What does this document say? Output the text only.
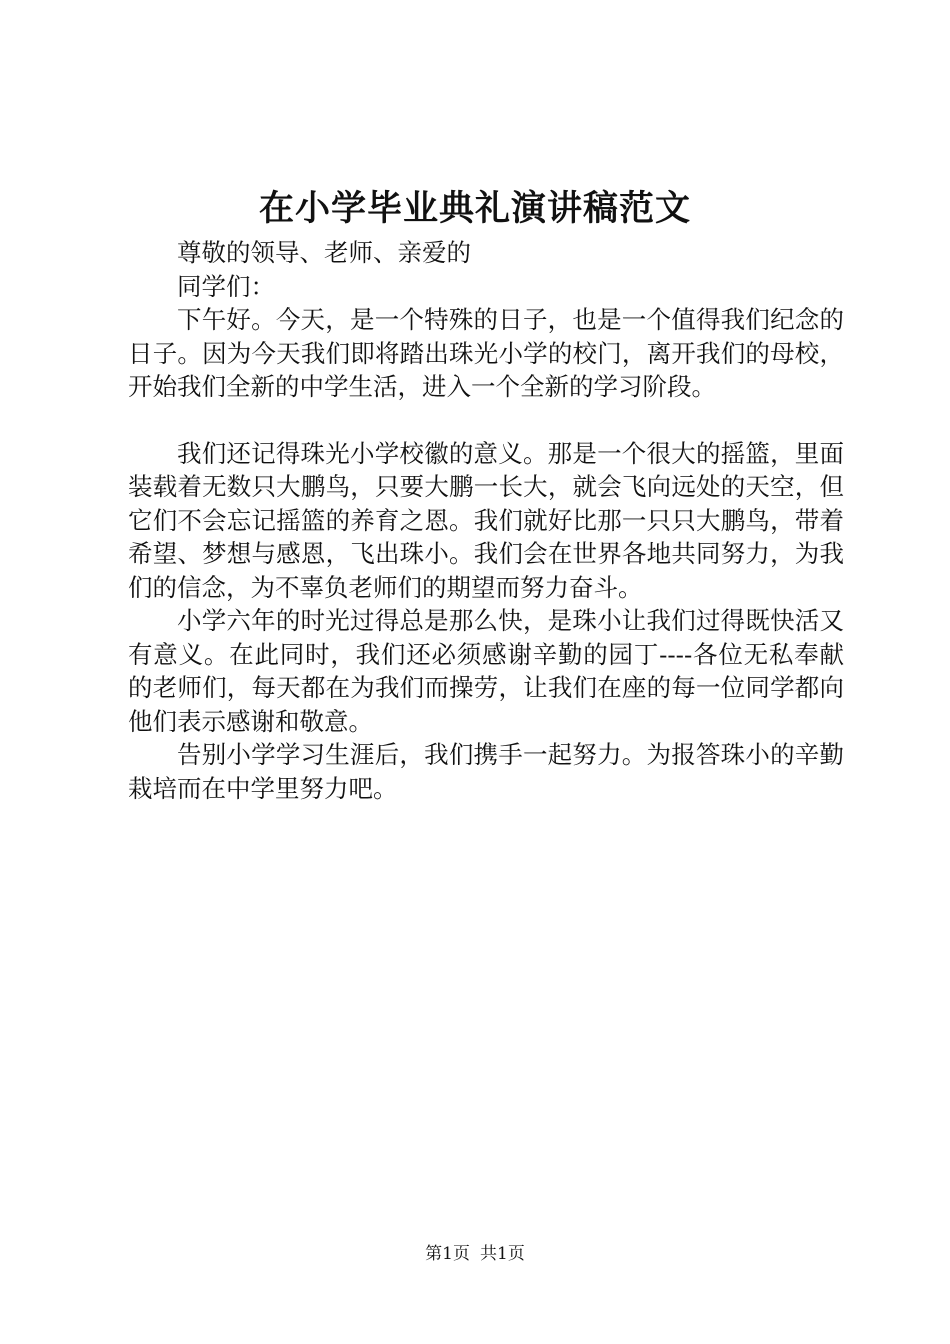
在小学毕业典礼演讲稿范文

尊敬的领导、老师、亲爱的

同学们：

下午好。今天，是一个特殊的日子，也是一个值得我们纪念的日子。因为今天我们即将踏出珠光小学的校门，离开我们的母校，开始我们全新的中学生活，进入一个全新的学习阶段。

我们还记得珠光小学校徽的意义。那是一个很大的摇篮，里面装载着无数只大鹏鸟，只要大鹏一长大，就会飞向远处的天空，但它们不会忘记摇篮的养育之恩。我们就好比那一只只大鹏鸟，带着希望、梦想与感恩，飞出珠小。我们会在世界各地共同努力，为我们的信念，为不辜负老师们的期望而努力奋斗。

小学六年的时光过得总是那么快，是珠小让我们过得既快活又有意义。在此同时，我们还必须感谢辛勤的园丁----各位无私奉献的老师们，每天都在为我们而操劳，让我们在座的每一位同学都向他们表示感谢和敬意。

告别小学学习生涯后，我们携手一起努力。为报答珠小的辛勤栽培而在中学里努力吧。

第1页 共1页
